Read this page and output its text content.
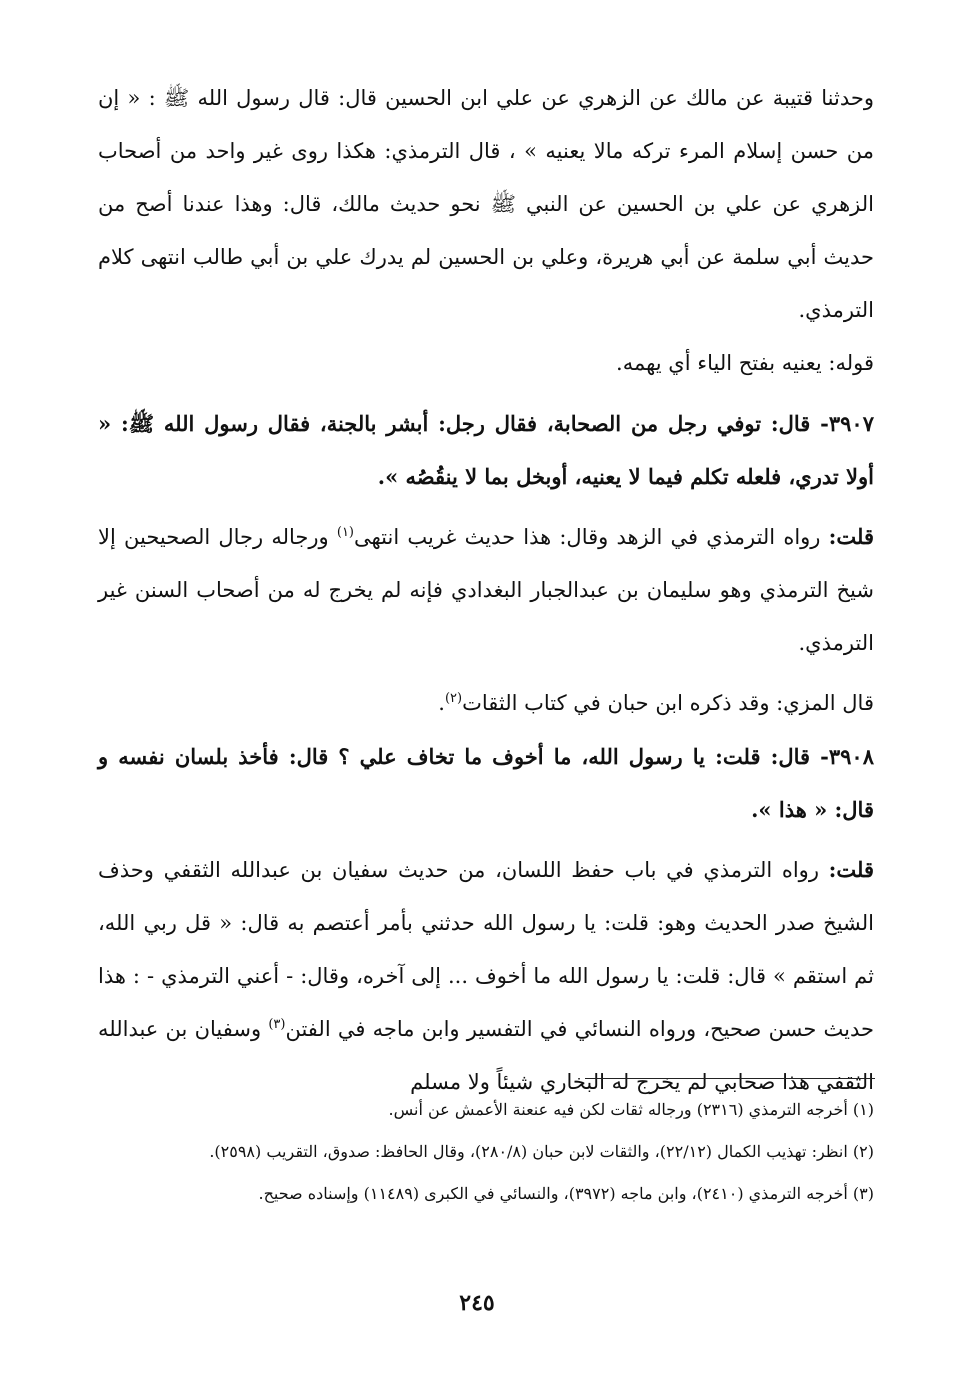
وحدثنا قتيبة عن مالك عن الزهري عن علي ابن الحسين قال: قال رسول الله ﷺ : « إن من حسن إسلام المرء تركه مالا يعنيه » ، قال الترمذي: هكذا روى غير واحد من أصحاب الزهري عن علي بن الحسين عن النبي ﷺ نحو حديث مالك، قال: وهذا عندنا أصح من حديث أبي سلمة عن أبي هريرة، وعلي بن الحسين لم يدرك علي بن أبي طالب انتهى كلام الترمذي.

قوله: يعنيه بفتح الياء أي يهمه.

٣٩٠٧- قال: توفي رجل من الصحابة، فقال رجل: أبشر بالجنة، فقال رسول الله ﷺ: « أولا تدري، فلعله تكلم فيما لا يعنيه، أوبخل بما لا ينقُصُه ».

قلت: رواه الترمذي في الزهد وقال: هذا حديث غريب انتهى$^{(١)}$ ورجاله رجال الصحيحين إلا شيخ الترمذي وهو سليمان بن عبدالجبار البغدادي فإنه لم يخرج له من أصحاب السنن غير الترمذي.

قال المزي: وقد ذكره ابن حبان في كتاب الثقات$^{(٢)}$.

٣٩٠٨- قال: قلت: يا رسول الله، ما أخوف ما تخاف علي ؟ قال: فأخذ بلسان نفسه و قال: « هذا ».

قلت: رواه الترمذي في باب حفظ اللسان، من حديث سفيان بن عبدالله الثقفي وحذف الشيخ صدر الحديث وهو: قلت: يا رسول الله حدثني بأمر أعتصم به قال: « قل ربي الله، ثم استقم » قال: قلت: يا رسول الله ما أخوف ... إلى آخره، وقال: - أعني الترمذي - : هذا حديث حسن صحيح، ورواه النسائي في التفسير وابن ماجه في الفتن$^{(٣)}$ وسفيان بن عبدالله الثقفي هذا صحابي لم يخرج له البخاري شيئاً ولا مسلم

(١) أخرجه الترمذي (٢٣١٦) ورجاله ثقات لكن فيه عنعنة الأعمش عن أنس.

(٢) انظر: تهذيب الكمال (٢٢/١٢)، والثقات لابن حبان (٢٨٠/٨)، وقال الحافظ: صدوق، التقريب (٢٥٩٨).

(٣) أخرجه الترمذي (٢٤١٠)، وابن ماجه (٣٩٧٢)، والنسائي في الكبرى (١١٤٨٩) وإسناده صحيح.

٢٤٥
